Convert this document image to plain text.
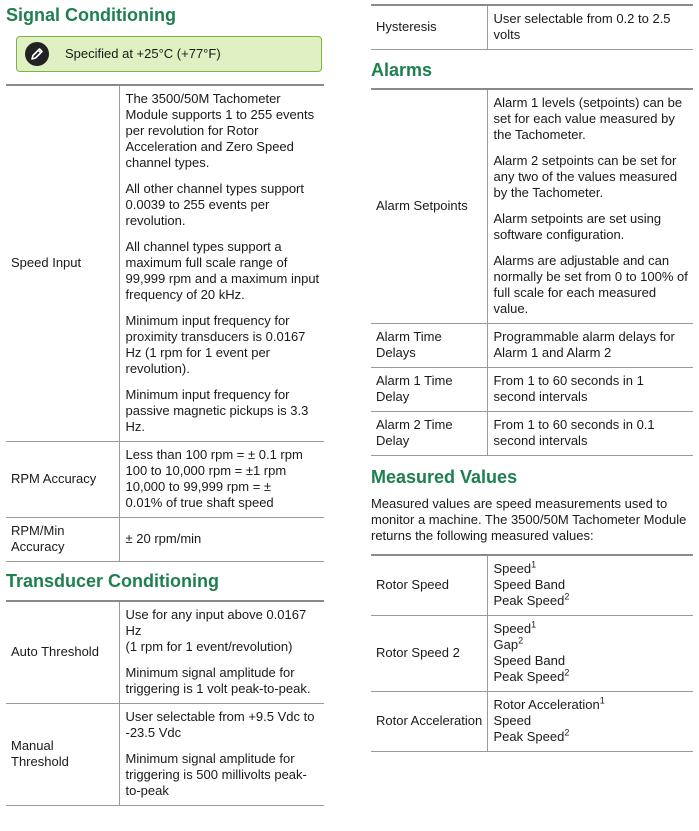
Signal Conditioning
Specified at +25°C (+77°F)
Speed Input	The 3500/50M Tachometer Module supports 1 to 255 events per revolution for Rotor Acceleration and Zero Speed channel types.

All other channel types support 0.0039 to 255 events per revolution.

All channel types support a maximum full scale range of 99,999 rpm and a maximum input frequency of 20 kHz.

Minimum input frequency for proximity transducers is 0.0167 Hz (1 rpm for 1 event per revolution).

Minimum input frequency for passive magnetic pickups is 3.3 Hz.

RPM Accuracy	Less than 100 rpm = ± 0.1 rpm
100 to 10,000 rpm = ±1 rpm
10,000 to 99,999 rpm = ±
0.01% of true shaft speed

RPM/Min Accuracy	± 20 rpm/min
Transducer Conditioning
Auto Threshold	Use for any input above 0.0167 Hz

(1 rpm for 1 event/revolution)

Minimum signal amplitude for triggering is 1 volt peak-to-peak.

Manual Threshold	User selectable from +9.5 Vdc to -23.5 Vdc

Minimum signal amplitude for triggering is 500 millivolts peak-to-peak

Hysteresis	User selectable from 0.2 to 2.5 volts
Alarms
Alarm Setpoints	Alarm 1 levels (setpoints) can be set for each value measured by the Tachometer.

Alarm 2 setpoints can be set for any two of the values measured by the Tachometer.

Alarm setpoints are set using software configuration.

Alarms are adjustable and can normally be set from 0 to 100% of full scale for each measured value.

Alarm Time Delays	Programmable alarm delays for Alarm 1 and Alarm 2
Alarm 1 Time Delay	From 1 to 60 seconds in 1 second intervals
Alarm 2 Time Delay	From 1 to 60 seconds in 0.1 second intervals
Measured Values

Measured values are speed measurements used to monitor a machine. The 3500/50M Tachometer Module returns the following measured values:

Rotor Speed	Speed$^1$
Speed Band
Peak Speed$^2$

Rotor Speed 2	Speed$^1$
Gap$^2$
Speed Band
Peak Speed$^2$

Rotor Acceleration	Rotor Acceleration$^1$
Speed
Peak Speed$^2$
